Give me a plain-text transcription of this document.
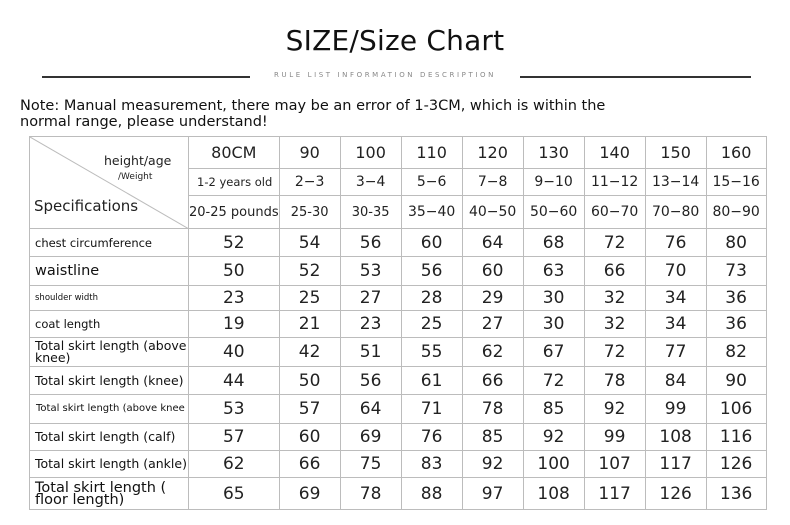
SIZE/Size Chart
RULE LIST INFORMATION DESCRIPTION
Note: Manual measurement, there may be an error of 1-3CM, which is within the normal range, please understand!
height/age
/Weight
Specifications	80CM	90	100	110	120	130	140	150	160
	1-2 years old	2−3	3−4	5−6	7−8	9−10	11−12	13−14	15−16
	20-25 pounds	25-30	30-35	35−40	40−50	50−60	60−70	70−80	80−90
chest circumference	52	54	56	60	64	68	72	76	80
waistline	50	52	53	56	60	63	66	70	73
shoulder width	23	25	27	28	29	30	32	34	36
coat length	19	21	23	25	27	30	32	34	36
Total skirt length (above knee)	40	42	51	55	62	67	72	77	82
Total skirt length (knee)	44	50	56	61	66	72	78	84	90
Total skirt length (above knee	53	57	64	71	78	85	92	99	106
Total skirt length (calf)	57	60	69	76	85	92	99	108	116
Total skirt length (ankle)	62	66	75	83	92	100	107	117	126
Total skirt length ( floor length)	65	69	78	88	97	108	117	126	136
